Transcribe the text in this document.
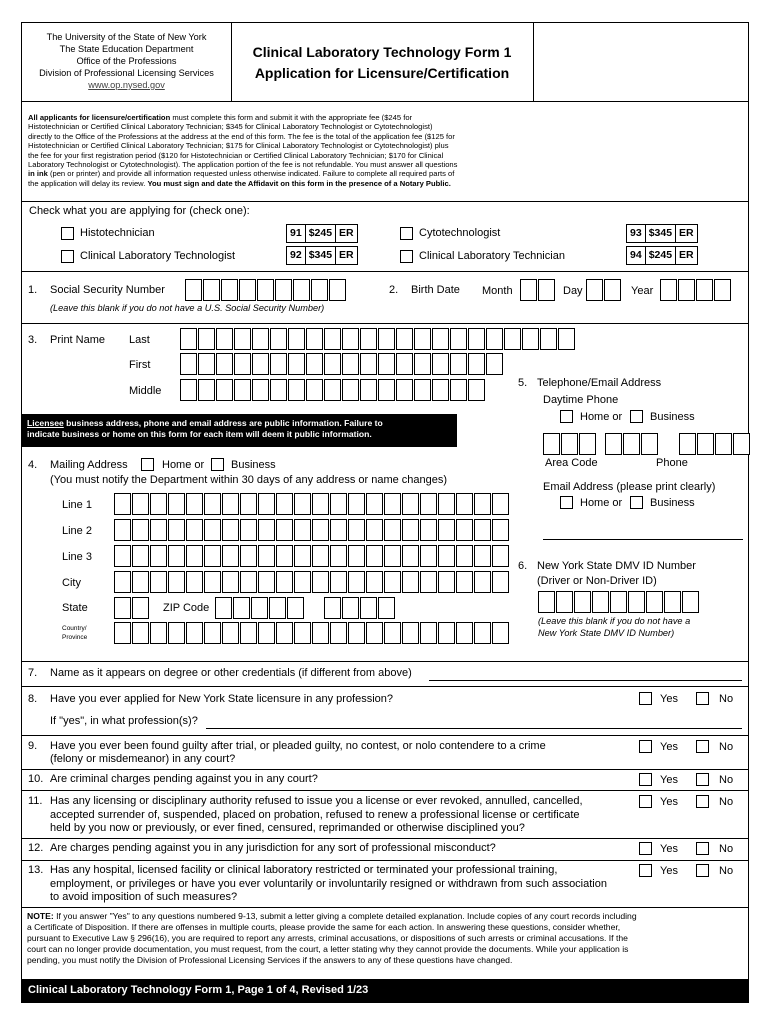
The University of the State of New York
The State Education Department
Office of the Professions
Division of Professional Licensing Services
www.op.nysed.gov
Clinical Laboratory Technology Form 1
Application for Licensure/Certification
All applicants for licensure/certification must complete this form and submit it with the appropriate fee ($245 for
Histotechnician or Certified Clinical Laboratory Technician; $345 for Clinical Laboratory Technologist or Cytotechnologist)
directly to the Office of the Professions at the address at the end of this form. The fee is the total of the application fee ($125 for
Histotechnician or Certified Clinical Laboratory Technician; $175 for Clinical Laboratory Technologist or Cytotechnologist) plus
the fee for your first registration period ($120 for Histotechnician or Certified Clinical Laboratory Technician; $170 for Clinical
Laboratory Technologist or Cytotechnologist). The application portion of the fee is not refundable. You must answer all questions
in ink (pen or printer) and provide all information requested unless otherwise indicated. Failure to complete all required parts of
the application will delay its review. You must sign and date the Affidavit on this form in the presence of a Notary Public.
Check what you are applying for (check one):
Histotechnician	91 $245 ER
Clinical Laboratory Technologist	92 $345 ER
Cytotechnologist	93 $345 ER
Clinical Laboratory Technician	94 $245 ER
1. Social Security Number
(Leave this blank if you do not have a U.S. Social Security Number)
2. Birth Date Month	Day	Year
3. Print Name Last
First
Middle
Licensee business address, phone and email address are public information. Failure to
indicate business or home on this form for each item will deem it public information.
4. Mailing Address	Home or Business
(You must notify the Department within 30 days of any address or name changes)
Line 1
Line 2
Line 3
City
State	ZIP Code
Country/
Province
5. Telephone/Email Address
Daytime Phone
Home or	Business
Area Code	Phone
Email Address (please print clearly)
Home or	Business
6. New York State DMV ID Number
(Driver or Non-Driver ID)
(Leave this blank if you do not have a
New York State DMV ID Number)
7. Name as it appears on degree or other credentials (if different from above)
8. Have you ever applied for New York State licensure in any profession?	Yes	No
If "yes", in what profession(s)?
9. Have you ever been found guilty after trial, or pleaded guilty, no contest, or nolo contendere to a crime
(felony or misdemeanor) in any court?
Yes	No
10. Are criminal charges pending against you in any court?	Yes	No
11. Has any licensing or disciplinary authority refused to issue you a license or ever revoked, annulled, cancelled,
accepted surrender of, suspended, placed on probation, refused to renew a professional license or certificate
held by you now or previously, or ever fined, censured, reprimanded or otherwise disciplined you?
Yes	No
12. Are charges pending against you in any jurisdiction for any sort of professional misconduct?	Yes	No
13. Has any hospital, licensed facility or clinical laboratory restricted or terminated your professional training,
employment, or privileges or have you ever voluntarily or involuntarily resigned or withdrawn from such association
to avoid imposition of such measures?
Yes	No
NOTE: If you answer "Yes" to any questions numbered 9-13, submit a letter giving a complete detailed explanation. Include copies of any court records including
a Certificate of Disposition. If there are offenses in multiple courts, please provide the same for each action. In answering these questions, consider whether,
pursuant to Executive Law § 296(16), you are required to report any arrests, criminal accusations, or dispositions of such arrests or criminal accusations. If the
court can no longer provide documentation, you must request, from the court, a letter stating why they cannot provide the documents. While your application is
pending, you must notify the Division of Professional Licensing Services if the answers to any of these questions have changed.
Clinical Laboratory Technology Form 1, Page 1 of 4, Revised 1/23
